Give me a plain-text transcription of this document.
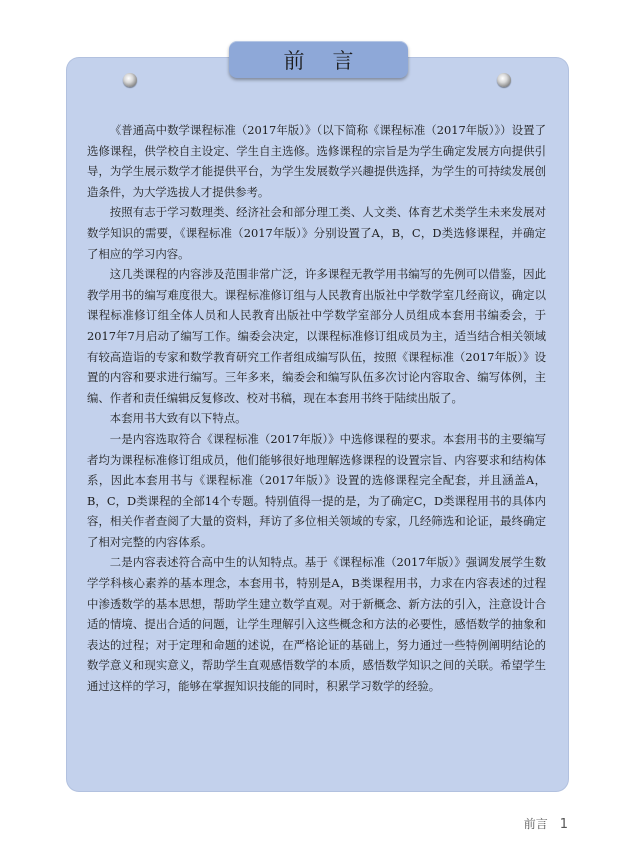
《普通高中数学课程标准（2017年版）》（以下简称《课程标准（2017年版）》）设置了选修课程，供学校自主设定、学生自主选修。选修课程的宗旨是为学生确定发展方向提供引导，为学生展示数学才能提供平台，为学生发展数学兴趣提供选择，为学生的可持续发展创造条件，为大学选拔人才提供参考。

按照有志于学习数理类、经济社会和部分理工类、人文类、体育艺术类学生未来发展对数学知识的需要，《课程标准（2017年版）》分别设置了A，B，C，D类选修课程，并确定了相应的学习内容。

这几类课程的内容涉及范围非常广泛，许多课程无教学用书编写的先例可以借鉴，因此教学用书的编写难度很大。课程标准修订组与人民教育出版社中学数学室几经商议，确定以课程标准修订组全体人员和人民教育出版社中学数学室部分人员组成本套用书编委会，于2017年7月启动了编写工作。编委会决定，以课程标准修订组成员为主，适当结合相关领域有较高造诣的专家和数学教育研究工作者组成编写队伍，按照《课程标准（2017年版）》设置的内容和要求进行编写。三年多来，编委会和编写队伍多次讨论内容取舍、编写体例，主编、作者和责任编辑反复修改、校对书稿，现在本套用书终于陆续出版了。

本套用书大致有以下特点。

一是内容选取符合《课程标准（2017年版）》中选修课程的要求。本套用书的主要编写者均为课程标准修订组成员，他们能够很好地理解选修课程的设置宗旨、内容要求和结构体系，因此本套用书与《课程标准（2017年版）》设置的选修课程完全配套，并且涵盖A，B，C，D类课程的全部14个专题。特别值得一提的是，为了确定C，D类课程用书的具体内容，相关作者查阅了大量的资料，拜访了多位相关领域的专家，几经筛选和论证，最终确定了相对完整的内容体系。

二是内容表述符合高中生的认知特点。基于《课程标准（2017年版）》强调发展学生数学学科核心素养的基本理念，本套用书，特别是A，B类课程用书，力求在内容表述的过程中渗透数学的基本思想，帮助学生建立数学直观。对于新概念、新方法的引入，注意设计合适的情境、提出合适的问题，让学生理解引入这些概念和方法的必要性，感悟数学的抽象和表达的过程；对于定理和命题的述说，在严格论证的基础上，努力通过一些特例阐明结论的数学意义和现实意义，帮助学生直观感悟数学的本质，感悟数学知识之间的关联。希望学生通过这样的学习，能够在掌握知识技能的同时，积累学习数学的经验。

前言
前言 1
